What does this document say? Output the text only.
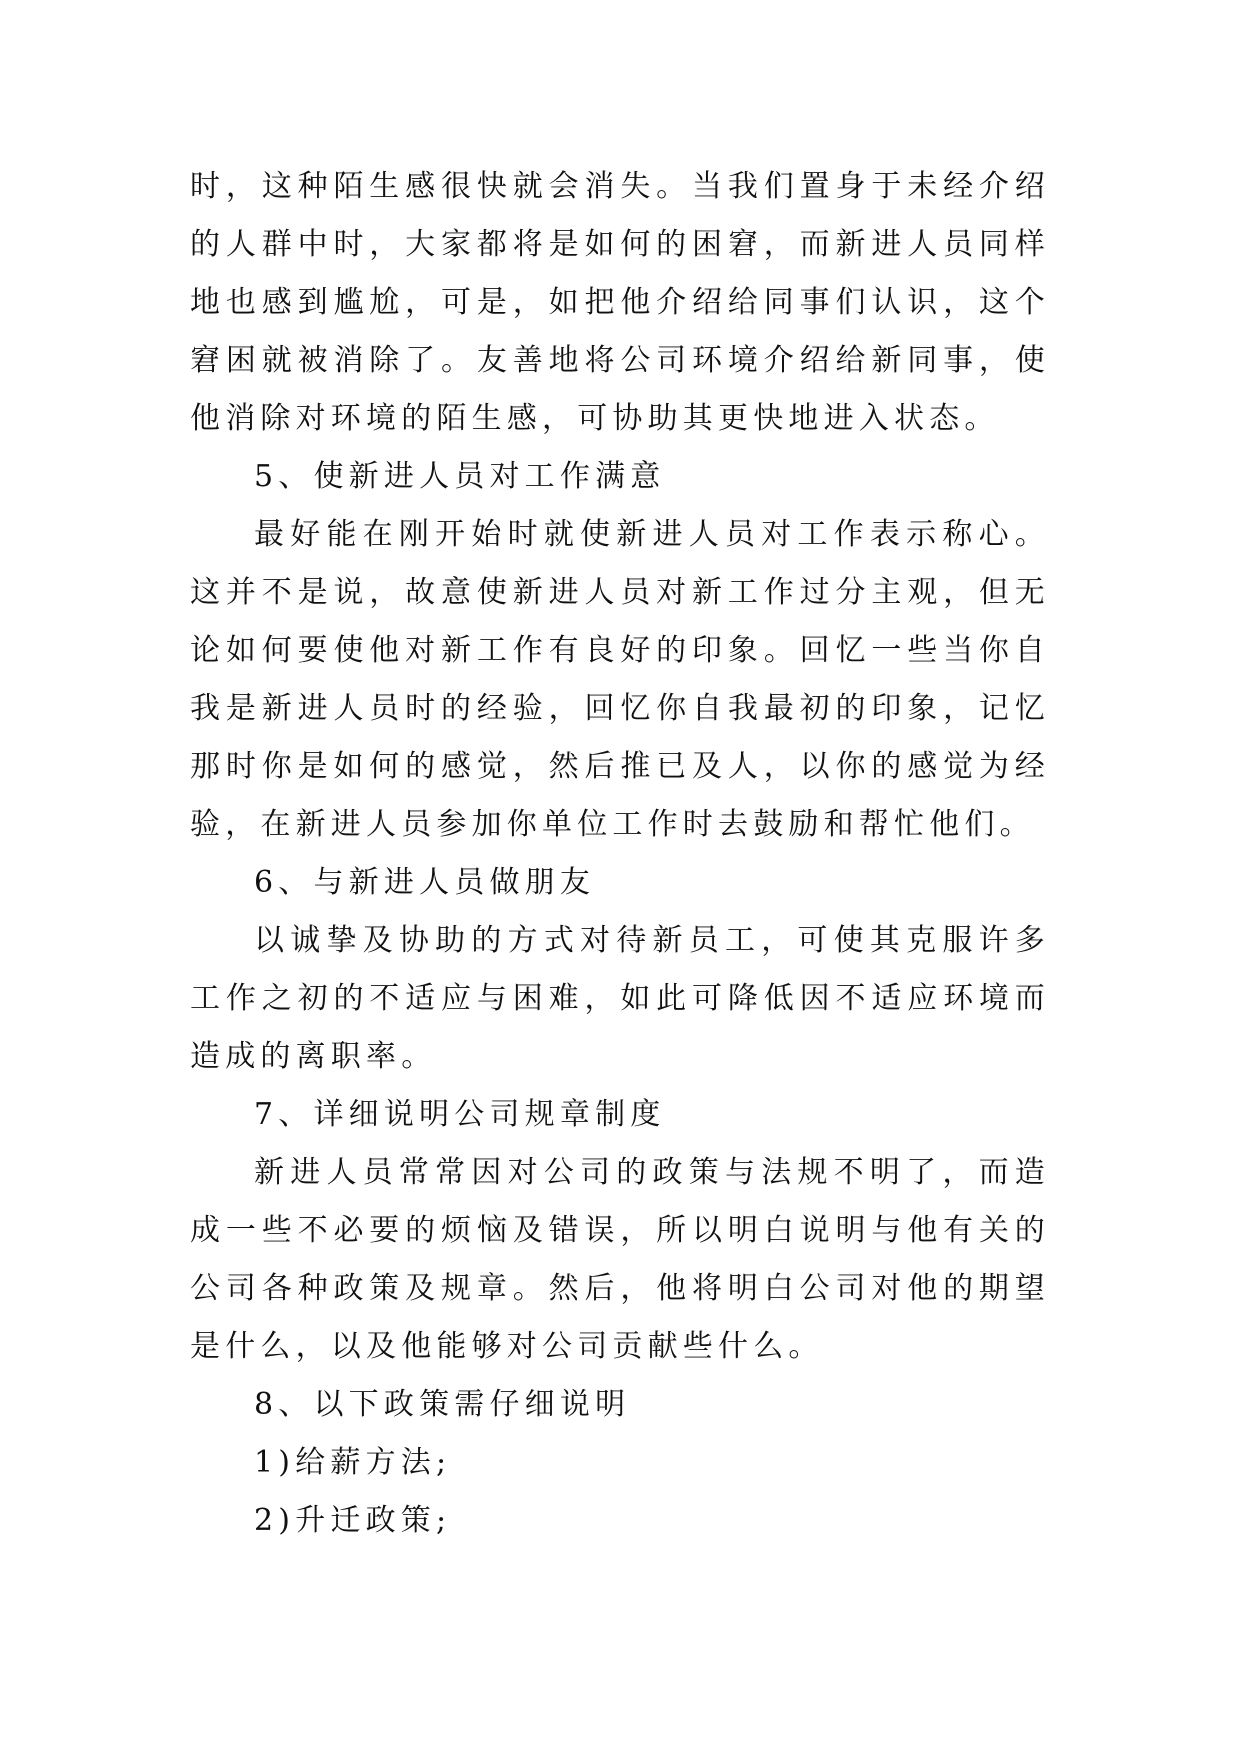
时，这种陌生感很快就会消失。当我们置身于未经介绍的人群中时，大家都将是如何的困窘，而新进人员同样地也感到尴尬，可是，如把他介绍给同事们认识，这个窘困就被消除了。友善地将公司环境介绍给新同事，使他消除对环境的陌生感，可协助其更快地进入状态。

5、使新进人员对工作满意

最好能在刚开始时就使新进人员对工作表示称心。这并不是说，故意使新进人员对新工作过分主观，但无论如何要使他对新工作有良好的印象。回忆一些当你自我是新进人员时的经验，回忆你自我最初的印象，记忆那时你是如何的感觉，然后推已及人，以你的感觉为经验，在新进人员参加你单位工作时去鼓励和帮忙他们。

6、与新进人员做朋友

以诚挚及协助的方式对待新员工，可使其克服许多工作之初的不适应与困难，如此可降低因不适应环境而造成的离职率。

7、详细说明公司规章制度

新进人员常常因对公司的政策与法规不明了，而造成一些不必要的烦恼及错误，所以明白说明与他有关的公司各种政策及规章。然后，他将明白公司对他的期望是什么，以及他能够对公司贡献些什么。

8、以下政策需仔细说明

1)给薪方法;

2)升迁政策;
